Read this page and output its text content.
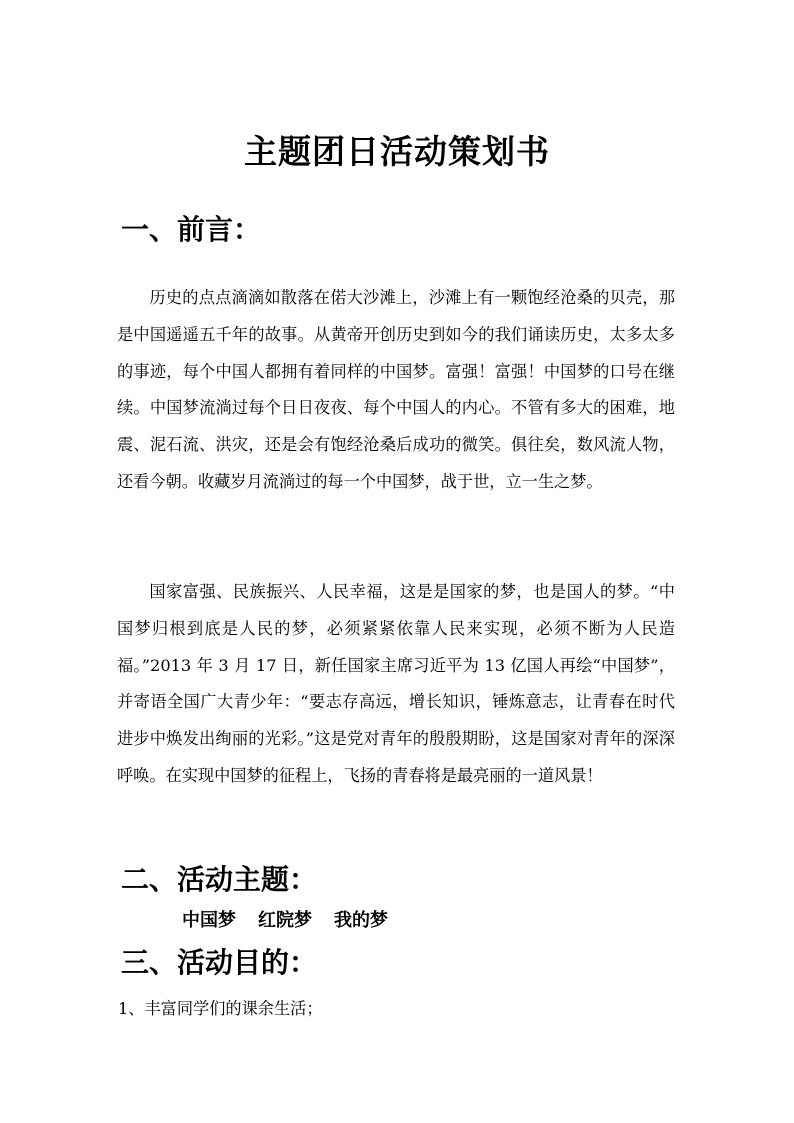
主题团日活动策划书
一、前言：

历史的点点滴滴如散落在偌大沙滩上，沙滩上有一颗饱经沧桑的贝壳，那是中国遥遥五千年的故事。从黄帝开创历史到如今的我们诵读历史，太多太多的事迹，每个中国人都拥有着同样的中国梦。富强！富强！中国梦的口号在继续。中国梦流淌过每个日日夜夜、每个中国人的内心。不管有多大的困难，地震、泥石流、洪灾，还是会有饱经沧桑后成功的微笑。俱往矣，数风流人物，还看今朝。收藏岁月流淌过的每一个中国梦，战于世，立一生之梦。

国家富强、民族振兴、人民幸福，这是是国家的梦，也是国人的梦。“中国梦归根到底是人民的梦，必须紧紧依靠人民来实现，必须不断为人民造福。”2013 年 3 月 17 日，新任国家主席习近平为 13 亿国人再绘“中国梦”，并寄语全国广大青少年：“要志存高远，增长知识，锤炼意志，让青春在时代进步中焕发出绚丽的光彩。”这是党对青年的殷殷期盼，这是国家对青年的深深呼唤。在实现中国梦的征程上，飞扬的青春将是最亮丽的一道风景！

二、活动主题：
中国梦 红院梦 我的梦
三、活动目的：

1、丰富同学们的课余生活；
